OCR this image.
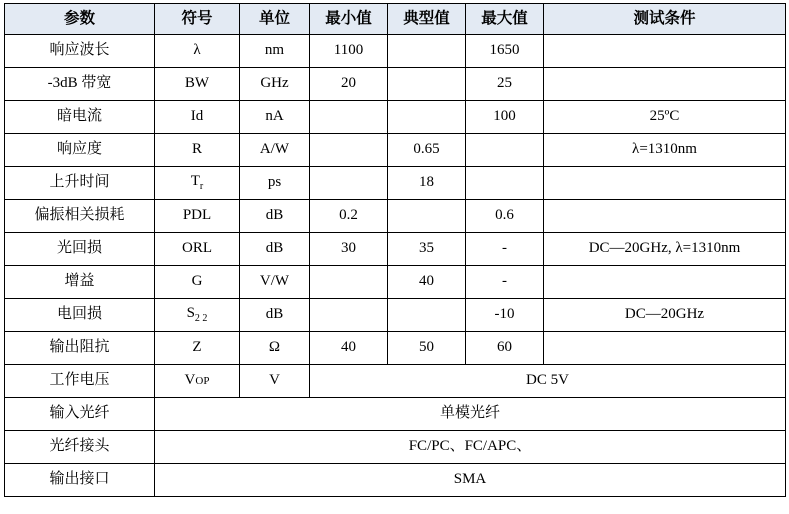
参数	符号	单位	最小值	典型值	最大值	测试条件
响应波长	λ	nm	1100		1650	
-3dB 带宽	BW	GHz	20		25	
暗电流	Id	nA			100	25ºC
响应度	R	A/W		0.65		λ=1310nm
上升时间	$T_r$	ps		18		
偏振相关损耗	PDL	dB	0.2		0.6	
光回损	ORL	dB	30	35	-	DC—20GHz, λ=1310nm
增益	G	V/W		40	-	
电回损	$S_{2 2}$	dB			-10	DC—20GHz
输出阻抗	Z	Ω	40	50	60	
工作电压	VOP	V	DC 5V			
输入光纤	单模光纤					
光纤接头	FC/PC、FC/APC、					
输出接口	SMA					
